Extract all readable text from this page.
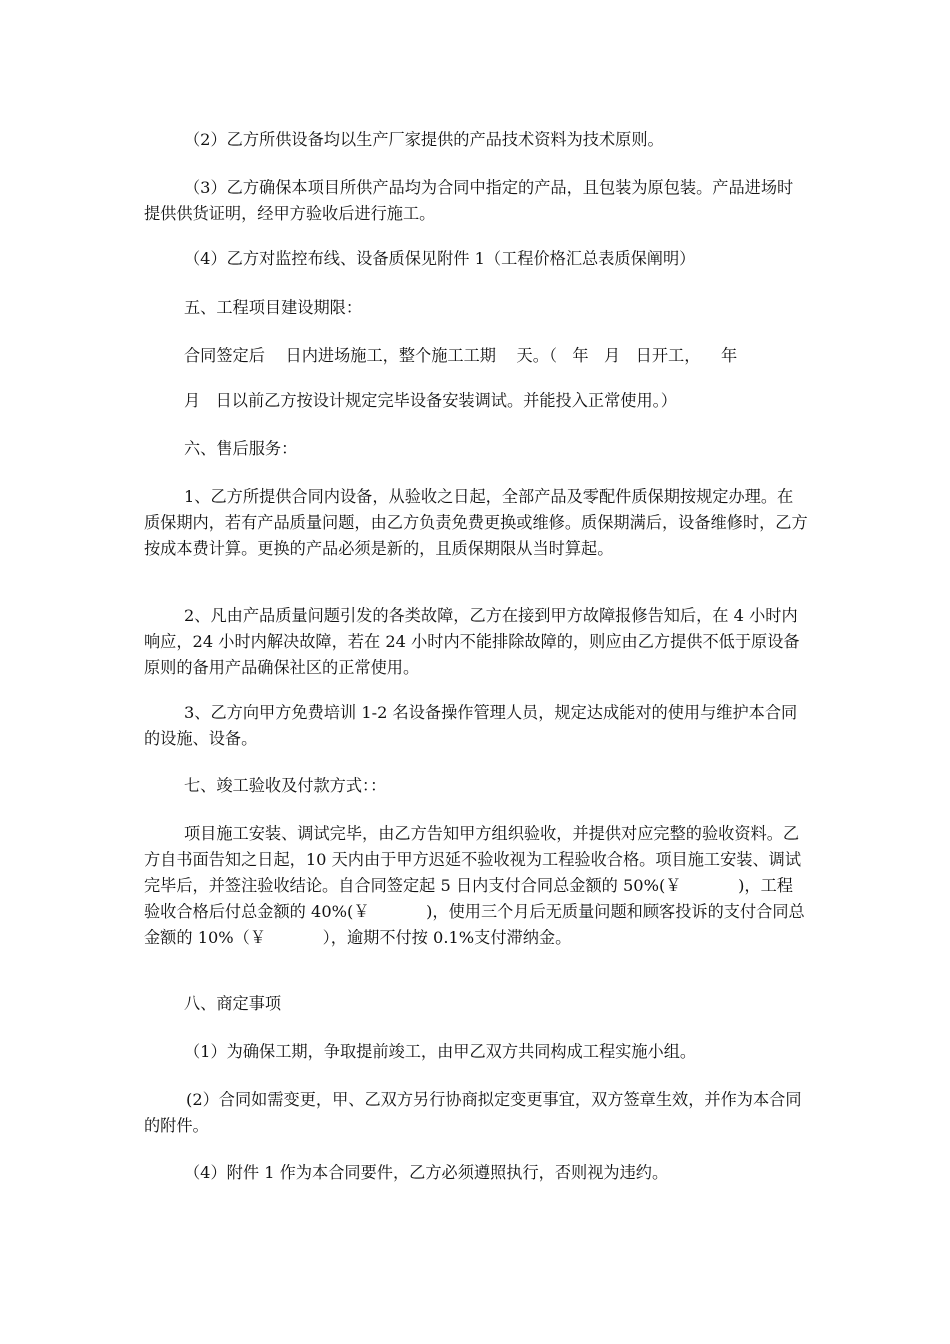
（2）乙方所供设备均以生产厂家提供的产品技术资料为技术原则。

（3）乙方确保本项目所供产品均为合同中指定的产品，且包装为原包装。产品进场时提供供货证明，经甲方验收后进行施工。

（4）乙方对监控布线、设备质保见附件 1（工程价格汇总表质保阐明）

五、工程项目建设期限：

合同签定后    日内进场施工，整个施工工期    天。（   年   月   日开工，    年

月   日以前乙方按设计规定完毕设备安装调试。并能投入正常使用。）

六、售后服务：

1、乙方所提供合同内设备，从验收之日起，全部产品及零配件质保期按规定办理。在质保期内，若有产品质量问题，由乙方负责免费更换或维修。质保期满后，设备维修时，乙方按成本费计算。更换的产品必须是新的，且质保期限从当时算起。

2、凡由产品质量问题引发的各类故障，乙方在接到甲方故障报修告知后，在 4 小时内响应，24 小时内解决故障，若在 24 小时内不能排除故障的，则应由乙方提供不低于原设备原则的备用产品确保社区的正常使用。

3、乙方向甲方免费培训 1-2 名设备操作管理人员，规定达成能对的使用与维护本合同的设施、设备。

七、竣工验收及付款方式：：

项目施工安装、调试完毕，由乙方告知甲方组织验收，并提供对应完整的验收资料。乙方自书面告知之日起，10 天内由于甲方迟延不验收视为工程验收合格。项目施工安装、调试完毕后，并签注验收结论。自合同签定起 5 日内支付合同总金额的 50%(￥           )，工程验收合格后付总金额的 40%(￥           )，使用三个月后无质量问题和顾客投诉的支付合同总金额的 10%（￥           ），逾期不付按 0.1%支付滞纳金。

八、商定事项

（1）为确保工期，争取提前竣工，由甲乙双方共同构成工程实施小组。

(2）合同如需变更，甲、乙双方另行协商拟定变更事宜，双方签章生效，并作为本合同的附件。

（4）附件 1 作为本合同要件，乙方必须遵照执行，否则视为违约。
